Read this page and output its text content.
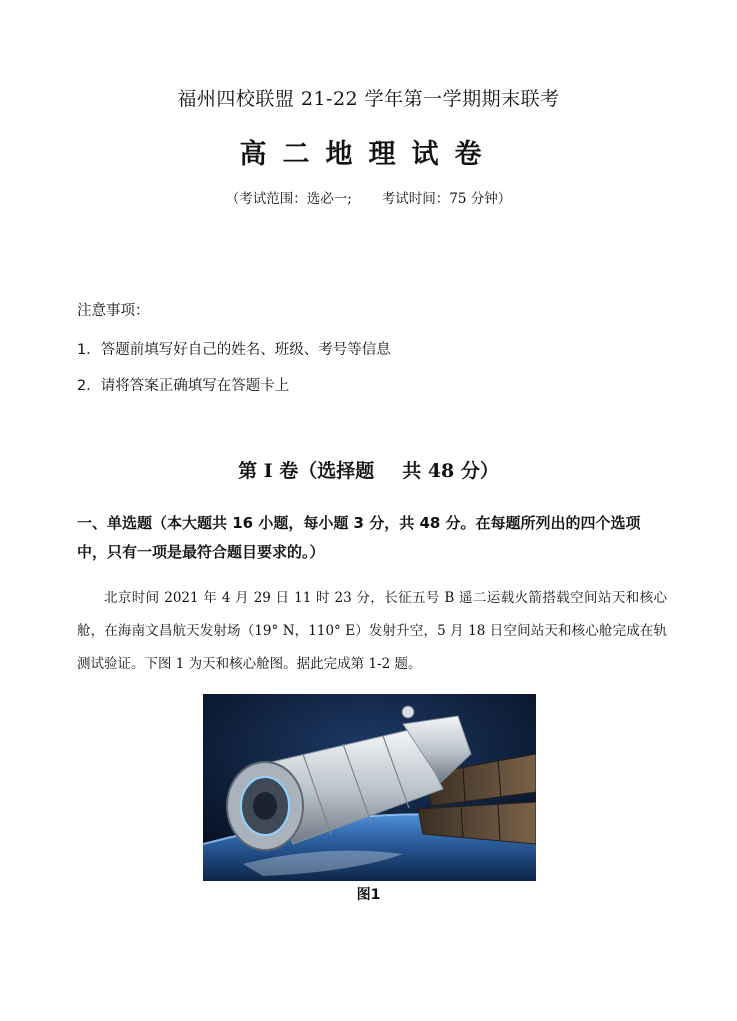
福州四校联盟 21-22 学年第一学期期末联考
高二地理试卷
（考试范围：选必一; 考试时间：75 分钟）
注意事项：
1．答题前填写好自己的姓名、班级、考号等信息
2．请将答案正确填写在答题卡上
第 I 卷（选择题 共 48 分）
一、单选题（本大题共 16 小题，每小题 3 分，共 48 分。在每题所列出的四个选项中，只有一项是最符合题目要求的。）
北京时间 2021 年 4 月 29 日 11 时 23 分，长征五号 B 遥二运载火箭搭载空间站天和核心舱，在海南文昌航天发射场（19° N，110° E）发射升空，5 月 18 日空间站天和核心舱完成在轨测试验证。下图 1 为天和核心舱图。据此完成第 1-2 题。
图1
